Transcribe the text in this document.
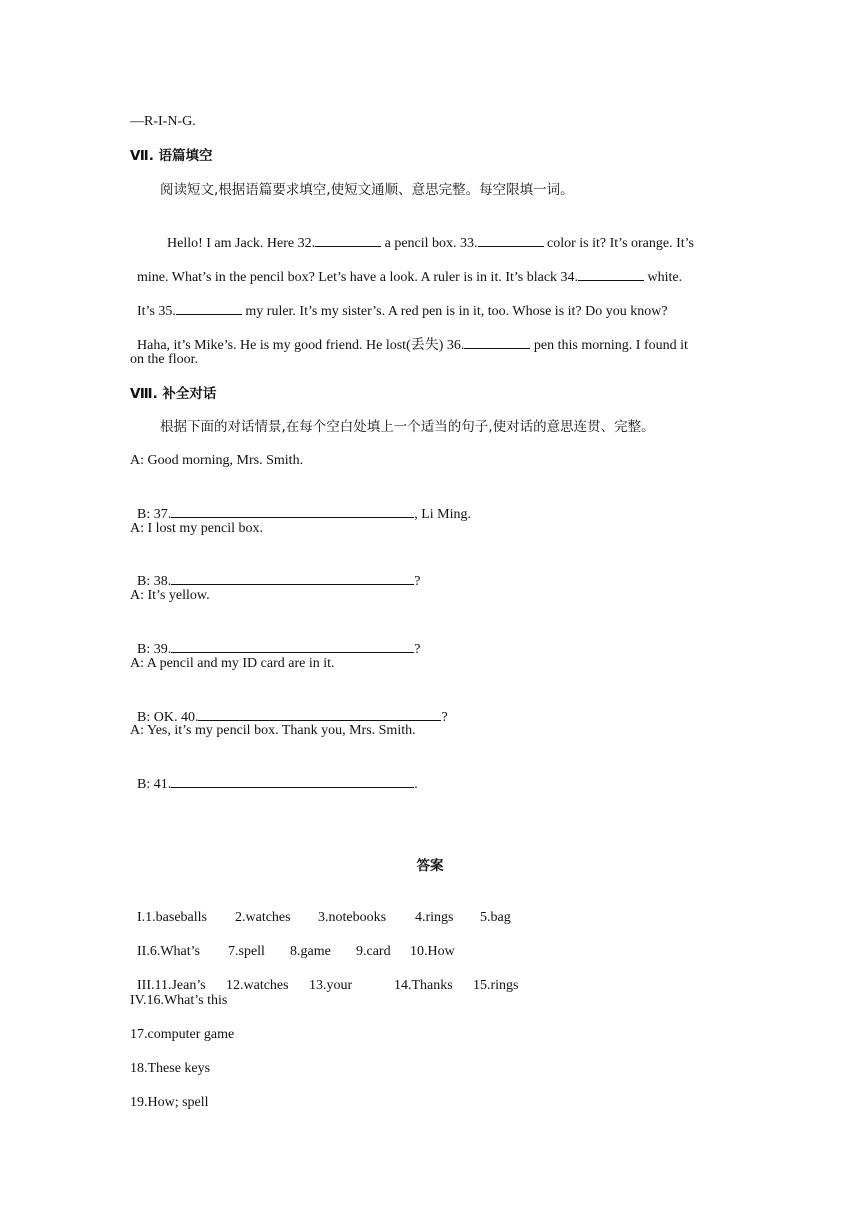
—R-I-N-G.
Ⅶ. 语篇填空
阅读短文,根据语篇要求填空,使短文通顺、意思完整。每空限填一词。

Hello! I am Jack. Here 32.	a pencil box. 33.	color is it? It’s orange. It’s

mine. What’s in the pencil box? Let’s have a look. A ruler is in it. It’s black 34.	white.

It’s 35.	my ruler. It’s my sister’s. A red pen is in it, too. Whose is it? Do you know?

Haha, it’s Mike’s. He is my good friend. He lost(丢失) 36.	pen this morning. I found it

on the floor.
Ⅷ. 补全对话
根据下面的对话情景,在每个空白处填上一个适当的句子,使对话的意思连贯、完整。
A: Good morning, Mrs. Smith.

B: 37.	, Li Ming.

A: I lost my pencil box.

B: 38.	?

A: It’s yellow.

B: 39.	?

A: A pencil and my ID card are in it.

B: OK. 40.	?

A: Yes, it’s my pencil box. Thank you, Mrs. Smith.

B: 41.	.

答案

I.1.baseballs 2.watches 3.notebooks 4.rings 5.bag

II.6.What’s 7.spell 8.game 9.card 10.How

III.11.Jean’s 12.watches 13.your	14.Thanks 15.rings

IV.16.What’s this
17.computer game
18.These keys
19.How; spell
